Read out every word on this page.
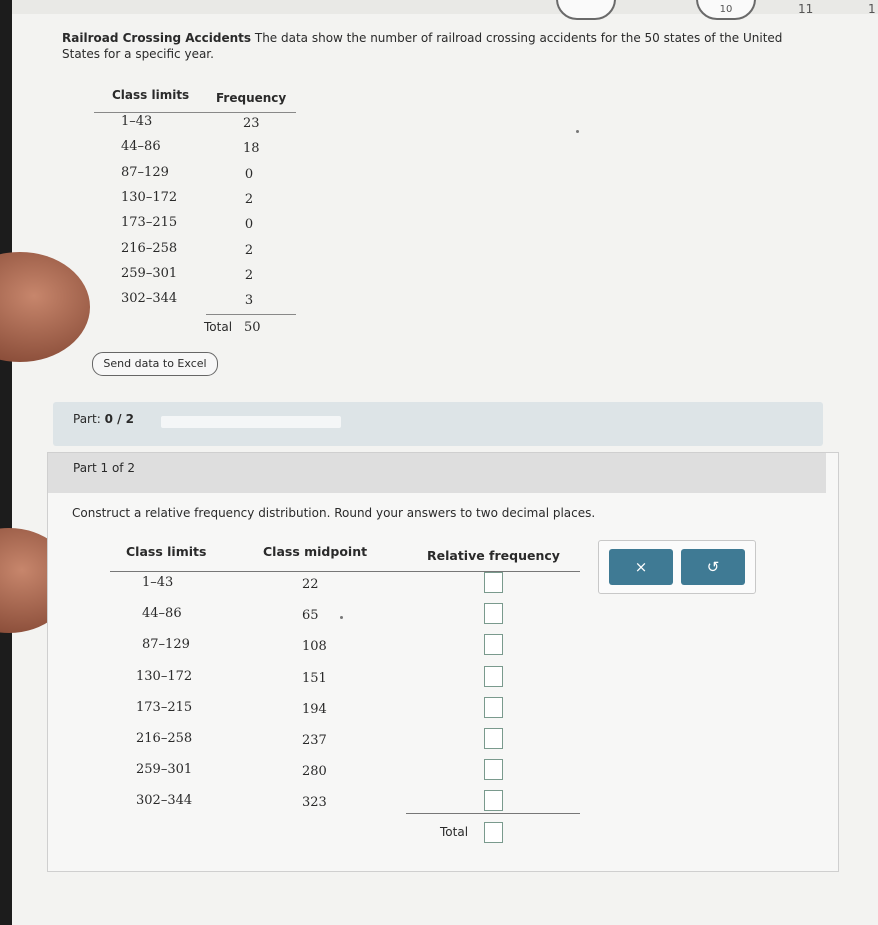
10	11	1
Railroad Crossing Accidents The data show the number of railroad crossing accidents for the 50 states of the United States for a specific year.
Class limits Frequency
1–43	23
44–86	18
87–129	0
130–172	2
173–215	0
216–258	2
259–301	2
302–344	3
Total 50
Send data to Excel
Part: 0 / 2
Part 1 of 2
Construct a relative frequency distribution. Round your answers to two decimal places.
Class limits	Class midpoint	Relative frequency
1–43	22
44–86	65
87–129	108
130–172	151
173–215	194
216–258	237
259–301	280
302–344	323
Total
×	↺
